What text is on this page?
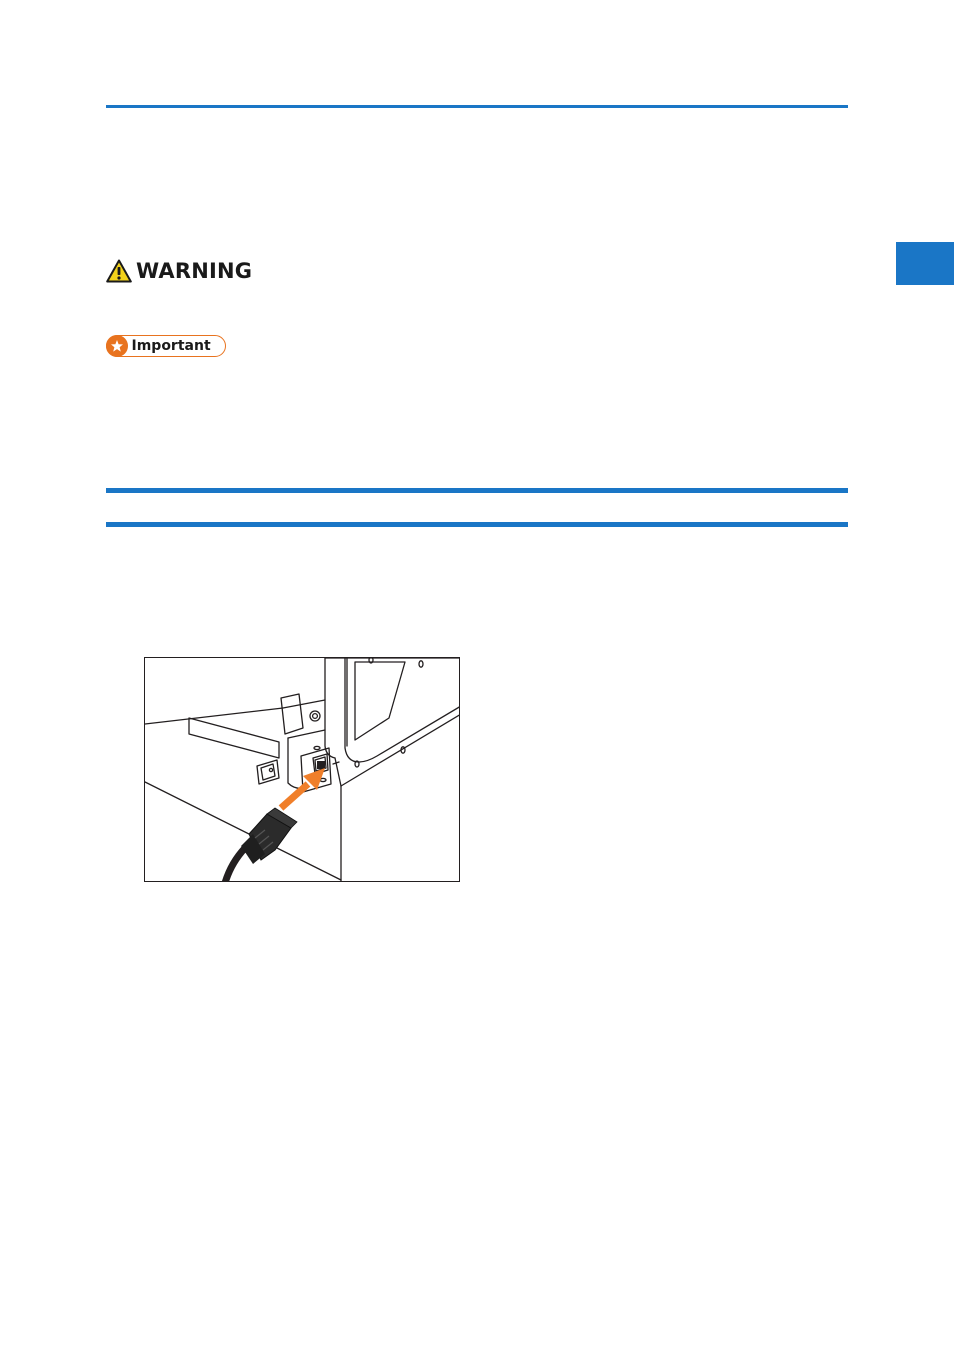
WARNING
Important
